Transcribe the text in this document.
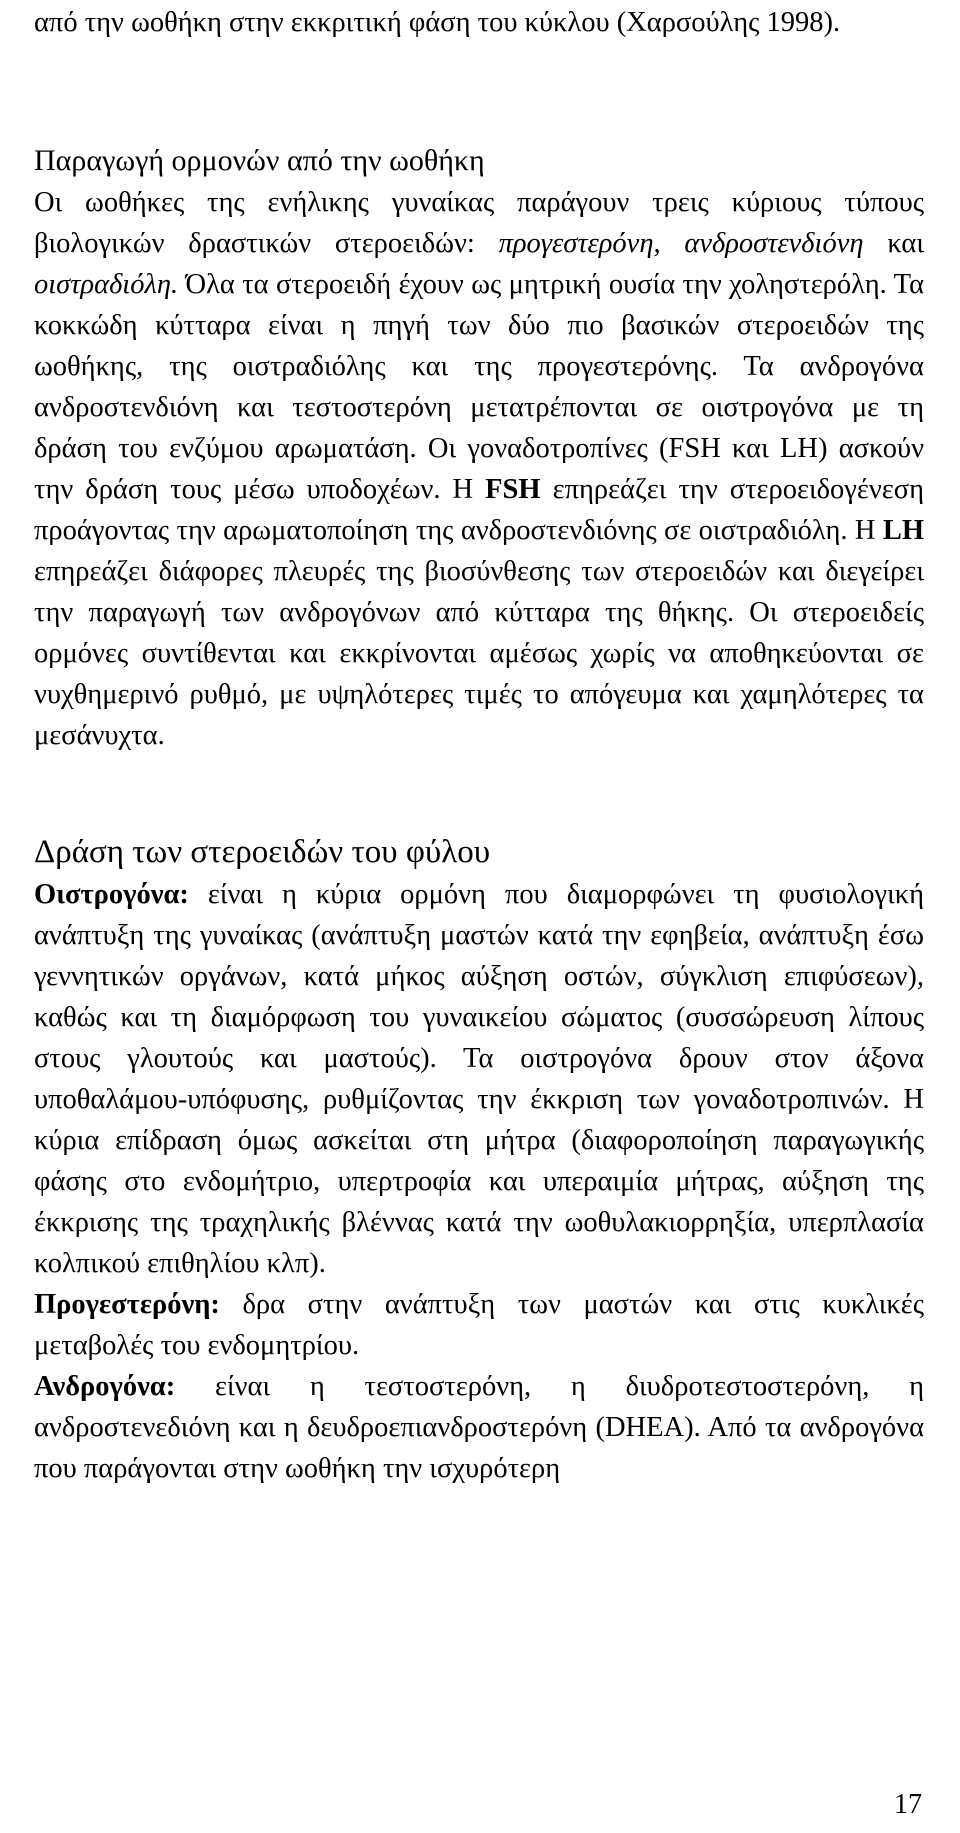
από την ωοθήκη στην εκκριτική φάση του κύκλου (Χαρσούλης 1998).

Παραγωγή ορμονών από την ωοθήκη

Οι ωοθήκες της ενήλικης γυναίκας παράγουν τρεις κύριους τύπους βιολογικών δραστικών στεροειδών: προγεστερόνη, ανδροστενδιόνη και οιστραδιόλη. Όλα τα στεροειδή έχουν ως μητρική ουσία την χοληστερόλη. Τα κοκκώδη κύτταρα είναι η πηγή των δύο πιο βασικών στεροειδών της ωοθήκης, της οιστραδιόλης και της προγεστερόνης. Τα ανδρογόνα ανδροστενδιόνη και τεστοστερόνη μετατρέπονται σε οιστρογόνα με τη δράση του ενζύμου αρωματάση. Οι γοναδοτροπίνες (FSH και LH) ασκούν την δράση τους μέσω υποδοχέων. Η FSH επηρεάζει την στεροειδογένεση προάγοντας την αρωματοποίηση της ανδροστενδιόνης σε οιστραδιόλη. Η LH επηρεάζει διάφορες πλευρές της βιοσύνθεσης των στεροειδών και διεγείρει την παραγωγή των ανδρογόνων από κύτταρα της θήκης. Οι στεροειδείς ορμόνες συντίθενται και εκκρίνονται αμέσως χωρίς να αποθηκεύονται σε νυχθημερινό ρυθμό, με υψηλότερες τιμές το απόγευμα και χαμηλότερες τα μεσάνυχτα.

Δράση των στεροειδών του φύλου

Οιστρογόνα: είναι η κύρια ορμόνη που διαμορφώνει τη φυσιολογική ανάπτυξη της γυναίκας (ανάπτυξη μαστών κατά την εφηβεία, ανάπτυξη έσω γεννητικών οργάνων, κατά μήκος αύξηση οστών, σύγκλιση επιφύσεων), καθώς και τη διαμόρφωση του γυναικείου σώματος (συσσώρευση λίπους στους γλουτούς και μαστούς). Τα οιστρογόνα δρουν στον άξονα υποθαλάμου-υπόφυσης, ρυθμίζοντας την έκκριση των γοναδοτροπινών. Η κύρια επίδραση όμως ασκείται στη μήτρα (διαφοροποίηση παραγωγικής φάσης στο ενδομήτριο, υπερτροφία και υπεραιμία μήτρας, αύξηση της έκκρισης της τραχηλικής βλέννας κατά την ωοθυλακιορρηξία, υπερπλασία κολπικού επιθηλίου κλπ).

Προγεστερόνη: δρα στην ανάπτυξη των μαστών και στις κυκλικές μεταβολές του ενδομητρίου.

Ανδρογόνα: είναι η τεστοστερόνη, η διυδροτεστοστερόνη, η ανδροστενεδιόνη και η δευδροεπιανδροστερόνη (DHEA). Από τα ανδρογόνα που παράγονται στην ωοθήκη την ισχυρότερη

17
